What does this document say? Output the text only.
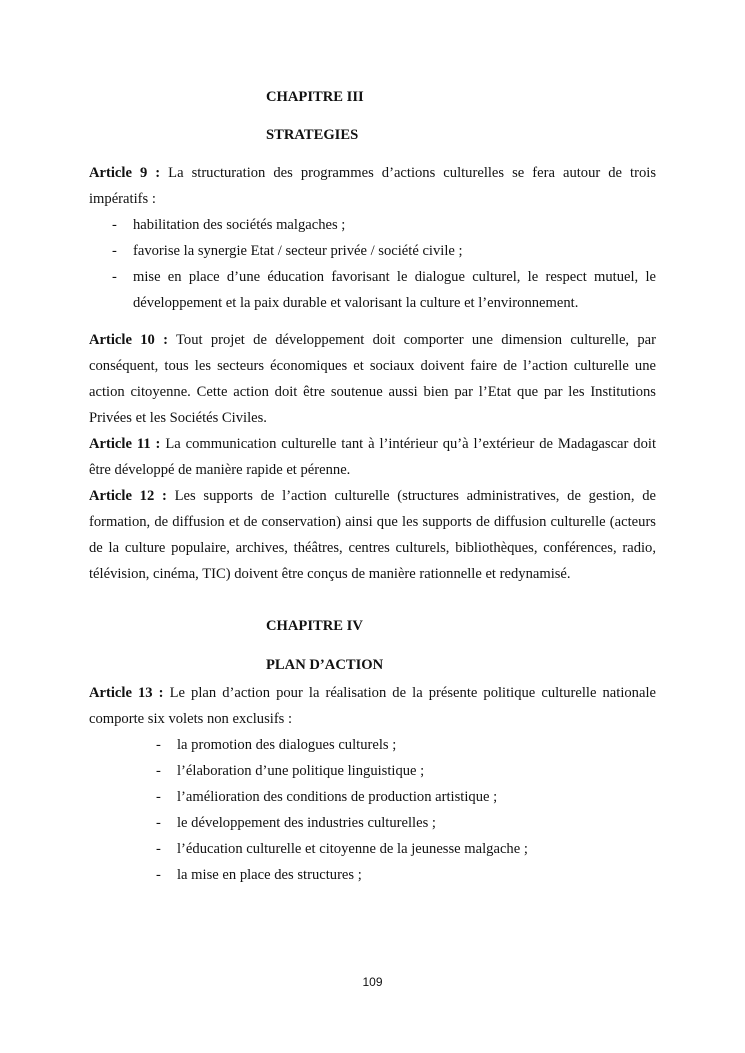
CHAPITRE III
STRATEGIES
Article 9 : La structuration des programmes d’actions culturelles se fera autour de trois
impératifs :
- habilitation des sociétés malgaches ;
- favorise la synergie Etat / secteur privée / société civile ;
- mise en place d’une éducation favorisant le dialogue culturel, le respect mutuel, le
développement et la paix durable et valorisant la culture et l’environnement.
Article 10 : Tout projet de développement doit comporter une dimension culturelle, par
conséquent, tous les secteurs économiques et sociaux doivent faire de l’action culturelle une
action citoyenne. Cette action doit être soutenue aussi bien par l’Etat que par les Institutions
Privées et les Sociétés Civiles.
Article 11 : La communication culturelle tant à l’intérieur qu’à l’extérieur de Madagascar doit
être développé de manière rapide et pérenne.
Article 12 : Les supports de l’action culturelle (structures administratives, de gestion, de
formation, de diffusion et de conservation) ainsi que les supports de diffusion culturelle (acteurs
de la culture populaire, archives, théâtres, centres culturels, bibliothèques, conférences, radio,
télévision, cinéma, TIC) doivent être conçus de manière rationnelle et redynamisé.
CHAPITRE IV
PLAN D’ACTION
Article 13 : Le plan d’action pour la réalisation de la présente politique culturelle nationale
comporte six volets non exclusifs :
- la promotion des dialogues culturels ;
- l’élaboration d’une politique linguistique ;
- l’amélioration des conditions de production artistique ;
- le développement des industries culturelles ;
- l’éducation culturelle et citoyenne de la jeunesse malgache ;
- la mise en place des structures ;
109
